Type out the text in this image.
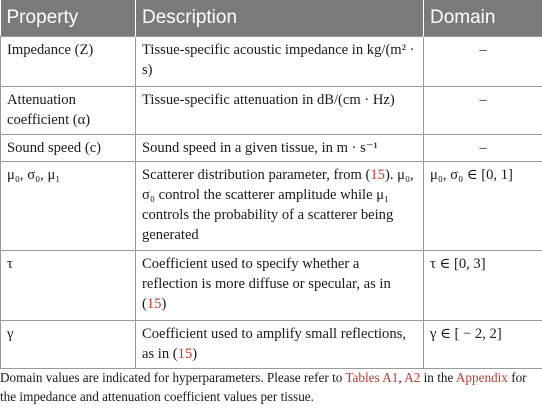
Property	Description	Domain
Impedance (Z)	Tissue-specific acoustic impedance in kg/(m² · s)	–
Attenuation coefficient (α)	Tissue-specific attenuation in dB/(cm · Hz)	–
Sound speed (c)	Sound speed in a given tissue, in m · s⁻¹	–
μ₀, σ₀, μ₁	Scatterer distribution parameter, from (15). μ₀, σ₀ control the scatterer amplitude while μ₁ controls the probability of a scatterer being generated	μ₀, σ₀ ∈ [0, 1]
τ	Coefficient used to specify whether a reflection is more diffuse or specular, as in (15)	τ ∈ [0, 3]
γ	Coefficient used to amplify small reflections, as in (15)	γ ∈ [ − 2, 2]
Domain values are indicated for hyperparameters. Please refer to Tables A1, A2 in the Appendix for the impedance and attenuation coefficient values per tissue.
